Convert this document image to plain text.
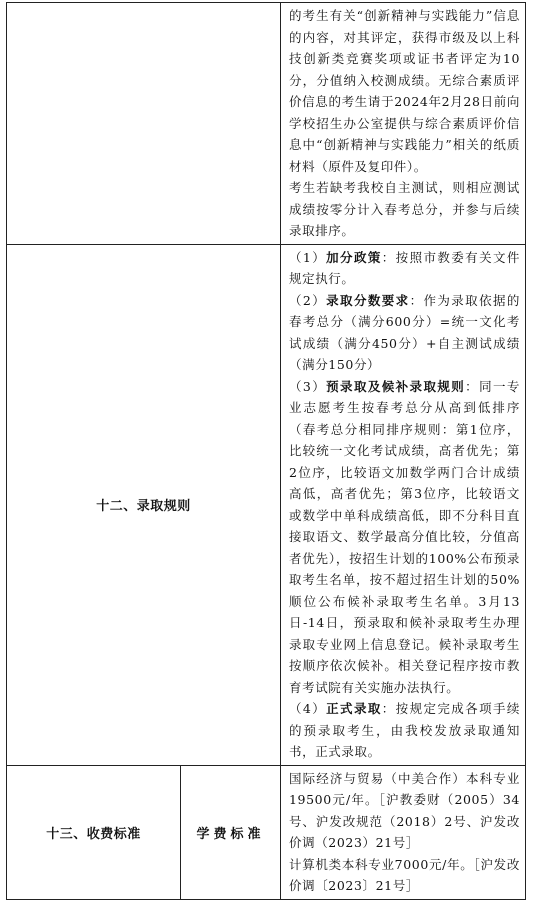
		的考生有关“创新精神与实践能力”信息的内容，对其评定，获得市级及以上科技创新类竞赛奖项或证书者评定为10分，分值纳入校测成绩。无综合素质评价信息的考生请于2024年2月28日前向学校招生办公室提供与综合素质评价信息中“创新精神与实践能力”相关的纸质材料（原件及复印件）。
考生若缺考我校自主测试，则相应测试成绩按零分计入春考总分，并参与后续录取排序。

十二、录取规则		（1）加分政策：按照市教委有关文件规定执行。
（2）录取分数要求：作为录取依据的春考总分（满分600分）=统一文化考试成绩（满分450分）+自主测试成绩（满分150分）
（3）预录取及候补录取规则：同一专业志愿考生按春考总分从高到低排序（春考总分相同排序规则：第1位序，比较统一文化考试成绩，高者优先；第2位序，比较语文加数学两门合计成绩高低，高者优先；第3位序，比较语文或数学中单科成绩高低，即不分科目直接取语文、数学最高分值比较，分值高者优先），按招生计划的100%公布预录取考生名单，按不超过招生计划的50%顺位公布候补录取考生名单。3月13日-14日，预录取和候补录取考生办理录取专业网上信息登记。候补录取考生按顺序依次候补。相关登记程序按市教育考试院有关实施办法执行。
（4）正式录取：按规定完成各项手续的预录取考生，由我校发放录取通知书，正式录取。

十三、收费标准	学费标准	国际经济与贸易（中美合作）本科专业19500元/年。［沪教委财（2005）34号、沪发改规范（2018）2号、沪发改价调（2023）21号］
计算机类本科专业7000元/年。［沪发改价调〔2023〕21号］
